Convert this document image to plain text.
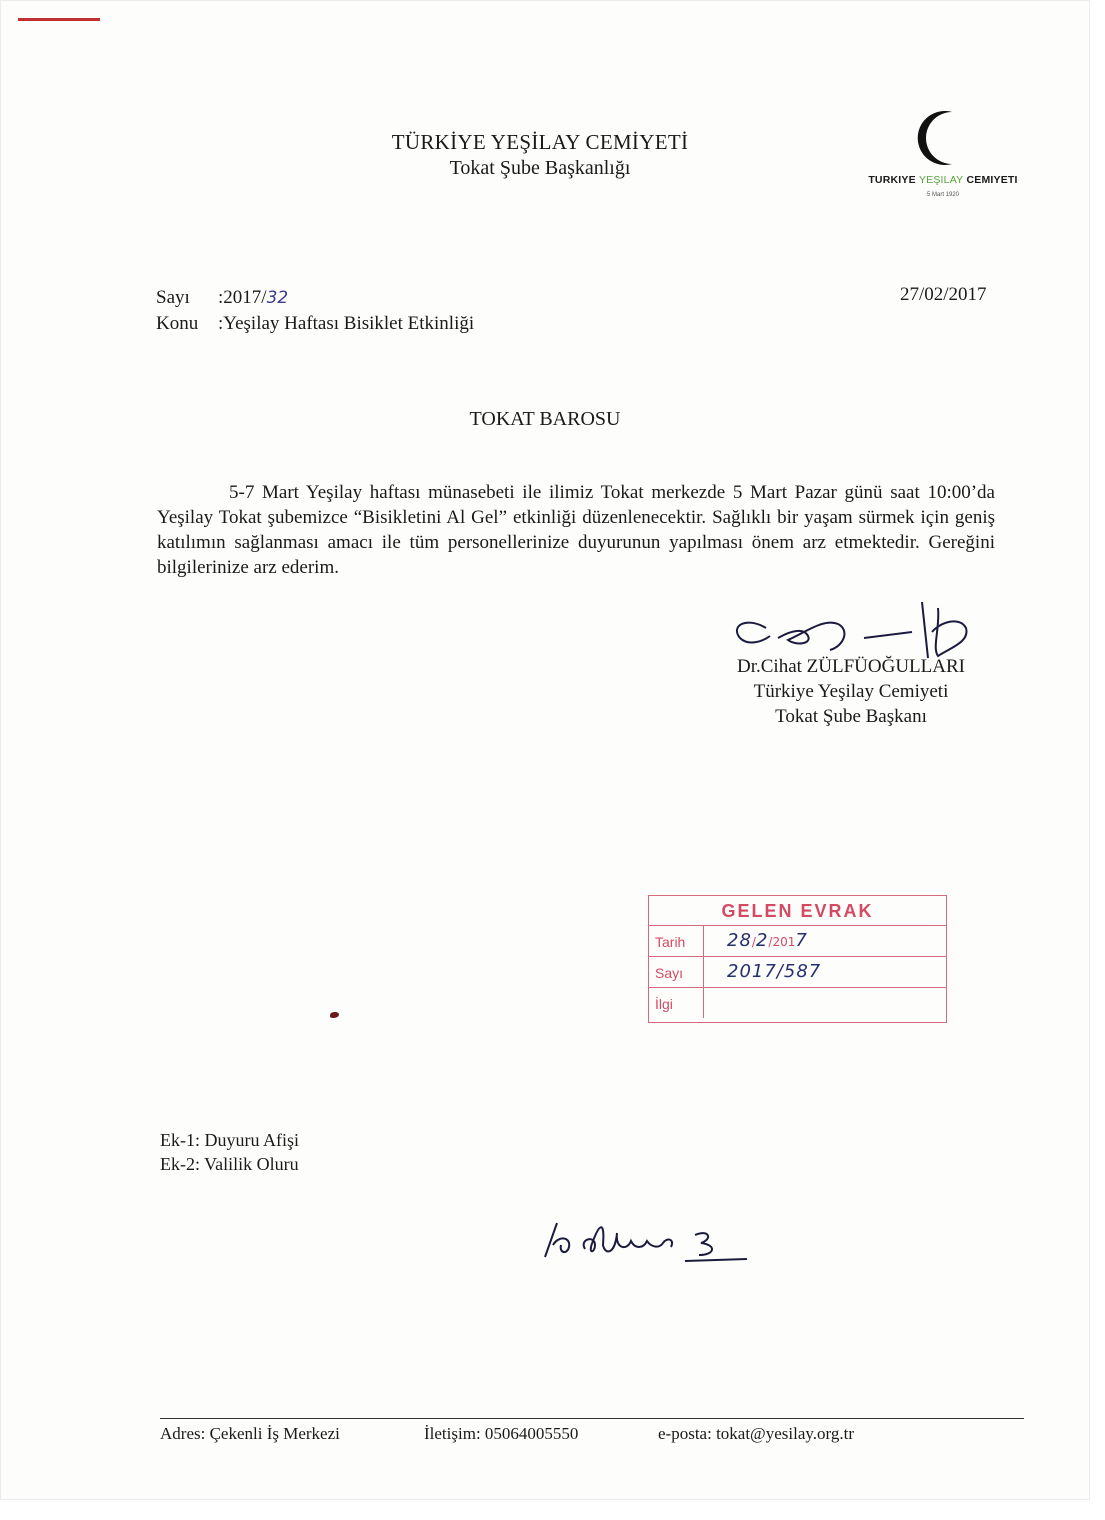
TÜRKİYE YEŞİLAY CEMİYETİ
Tokat Şube Başkanlığı
TURKIYE YEŞILAY CEMIYETI
5 Mart 1920
Sayı :2017/32
Konu :Yeşilay Haftası Bisiklet Etkinliği
27/02/2017
TOKAT BAROSU
5-7 Mart Yeşilay haftası münasebeti ile ilimiz Tokat merkezde 5 Mart Pazar günü saat 10:00’da Yeşilay Tokat şubemizce “Bisikletini Al Gel” etkinliği düzenlenecektir. Sağlıklı bir yaşam sürmek için geniş katılımın sağlanması amacı ile tüm personellerinize duyurunun yapılması önem arz etmektedir. Gereğini bilgilerinize arz ederim.
Dr.Cihat ZÜLFÜOĞULLARI
Türkiye Yeşilay Cemiyeti
Tokat Şube Başkanı
GELEN EVRAK
Tarih	28/2/2017
Sayı	2017/587
İlgi
Ek-1: Duyuru Afişi
Ek-2: Valilik Oluru
Adres: Çekenli İş Merkezi	İletişim: 05064005550	e-posta: tokat@yesilay.org.tr
